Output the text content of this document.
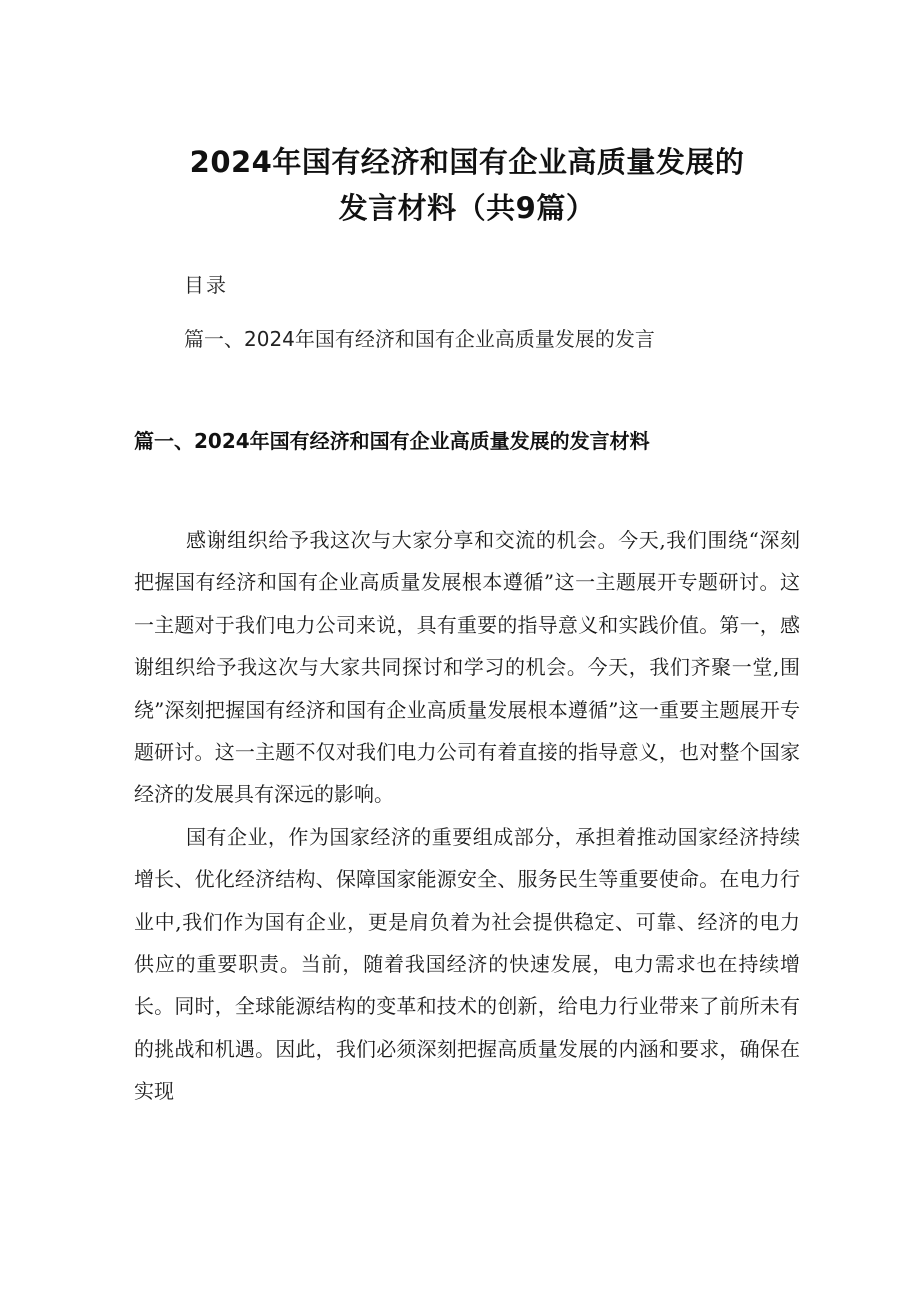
2024年国有经济和国有企业高质量发展的
发言材料（共9篇）
目录
篇一、2024年国有经济和国有企业高质量发展的发言
篇一、2024年国有经济和国有企业高质量发展的发言材料

感谢组织给予我这次与大家分享和交流的机会。今天,我们围绕“深刻把握国有经济和国有企业高质量发展根本遵循”这一主题展开专题研讨。这一主题对于我们电力公司来说，具有重要的指导意义和实践价值。第一，感谢组织给予我这次与大家共同探讨和学习的机会。今天，我们齐聚一堂,围绕”深刻把握国有经济和国有企业高质量发展根本遵循”这一重要主题展开专题研讨。这一主题不仅对我们电力公司有着直接的指导意义，也对整个国家经济的发展具有深远的影响。

国有企业，作为国家经济的重要组成部分，承担着推动国家经济持续增长、优化经济结构、保障国家能源安全、服务民生等重要使命。在电力行业中,我们作为国有企业，更是肩负着为社会提供稳定、可靠、经济的电力供应的重要职责。当前，随着我国经济的快速发展，电力需求也在持续增长。同时，全球能源结构的变革和技术的创新，给电力行业带来了前所未有的挑战和机遇。因此，我们必须深刻把握高质量发展的内涵和要求，确保在实现
